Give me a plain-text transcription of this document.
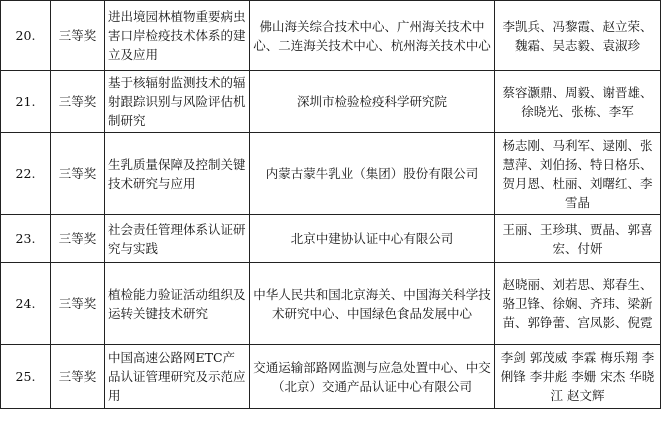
20.	三等奖	进出境园林植物重要病虫害口岸检疫技术体系的建立及应用	佛山海关综合技术中心、广州海关技术中心、二连海关技术中心、杭州海关技术中心	李凯兵、冯黎霞、赵立荣、魏霜、吴志毅、袁淑珍
21.	三等奖	基于核辐射监测技术的辐射跟踪识别与风险评估机制研究	深圳市检验检疫科学研究院	蔡容灏鼎、周毅、谢晋雄、徐晓光、张栋、李军
22.	三等奖	生乳质量保障及控制关键技术研究与应用	内蒙古蒙牛乳业（集团）股份有限公司	杨志刚、马利军、逯刚、张慧萍、刘伯扬、特日格乐、贺月恩、杜丽、刘曙红、李雪晶
23.	三等奖	社会责任管理体系认证研究与实践	北京中建协认证中心有限公司	王丽、王珍琪、贾晶、郭喜宏、付妍
24.	三等奖	植检能力验证活动组织及运转关键技术研究	中华人民共和国北京海关、中国海关科学技术研究中心、中国绿色食品发展中心	赵晓丽、刘若思、郑春生、骆卫锋、徐娴、齐玮、梁新苗、郭铮蕾、宫凤影、倪霓
25.	三等奖	中国高速公路网ETC产品认证管理研究及示范应用	交通运输部路网监测与应急处置中心、中交（北京）交通产品认证中心有限公司	李剑 郭茂威 李霖 梅乐翔 李俐锋 李井彪 李姗 宋杰 华晓江 赵文辉
